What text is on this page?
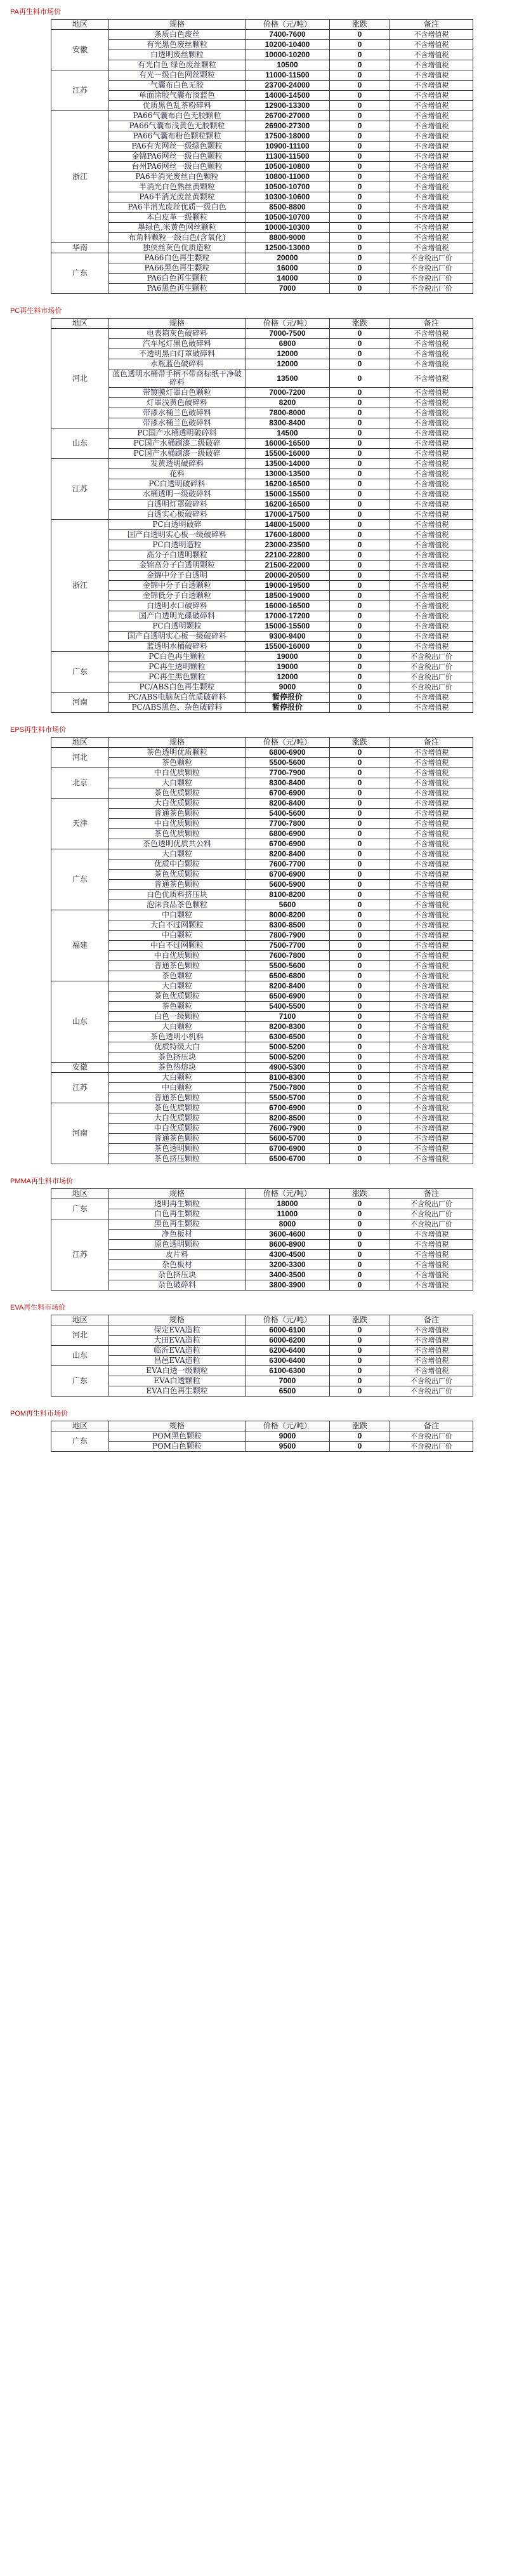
PA再生料市场价
地区	规格	价格（元/吨）	涨跌	备注
安徽	条质白色废丝	7400-7600	0	不含增值税
	有光黑色废丝颗粒	10200-10400	0	不含增值税
	白透明废丝颗粒	10000-10200	0	不含增值税
	有光白色 绿色废丝颗粒	10500	0	不含增值税
江苏	有光一级白色网丝颗粒	11000-11500	0	不含增值税
	气囊布白色无胶	23700-24000	0	不含增值税
	单面涂胶气囊布淡蓝色	14000-14500	0	不含增值税
	优质黑色乱茶粉碎料	12900-13300	0	不含增值税
浙江	PA66气囊布白色无胶颗粒	26700-27000	0	不含增值税
	PA66气囊布浅黄色无胶颗粒	26900-27300	0	不含增值税
	PA66气囊布粉色颗粒颗粒	17500-18000	0	不含增值税
	PA6有光网丝一级绿色颗粒	10900-11100	0	不含增值税
	金锦PA6网丝一级白色颗粒	11300-11500	0	不含增值税
	台州PA6网丝一级白色颗粒	10500-10800	0	不含增值税
	PA6半消光废丝白色颗粒	10800-11000	0	不含增值税
	半消光白色熟丝黄颗粒	10500-10700	0	不含增值税
	PA6半消光废丝黄颗粒	10300-10600	0	不含增值税
	PA6半消光废丝优质一级白色	8500-8800	0	不含增值税
	本白皮革一级颗粒	10500-10700	0	不含增值税
	墨绿色,米黄色网丝颗粒	10000-10300	0	不含增值税
	布角料颗粒一级白色(含氧化)	8800-9000	0	不含增值税
华南	独侠丝灰色优质造粒	12500-13000	0	不含增值税
广东	PA66白色再生颗粒	20000	0	不含税出厂价
	PA66黑色再生颗粒	16000	0	不含税出厂价
	PA6白色再生颗粒	14000	0	不含税出厂价
	PA6黑色再生颗粒	7000	0	不含税出厂价
PC再生料市场价
地区	规格	价格（元/吨）	涨跌	备注
河北	电表箱灰色破碎料	7000-7500	0	不含增值税
	汽车尾灯黑色破碎料	6800	0	不含增值税
	不透明黑白灯罩破碎料	12000	0	不含增值税
	水瓶蓝色破碎料	12000	0	不含增值税
	蓝色透明水桶带手柄不带商标纸干净破碎料	13500	0	不含增值税
	带镀膜灯罩白色颗粒	7000-7200	0	不含增值税
	灯罩浅黄色破碎料	8200	0	不含增值税
	带漆水桶兰色破碎料	7800-8000	0	不含增值税
	带漆水桶兰色破碎料	8300-8400	0	不含增值税
山东	PC国产水桶透明破碎料	14500	0	不含增值税
	PC国产水桶刷漆二级破碎	16000-16500	0	不含增值税
	PC国产水桶刷漆一级破碎	15500-16000	0	不含增值税
江苏	发黄透明破碎料	13500-14000	0	不含增值税
	花料	13000-13500	0	不含增值税
	PC白透明破碎料	16200-16500	0	不含增值税
	水桶透明一级破碎料	15000-15500	0	不含增值税
	白透明灯罩破碎料	16200-16500	0	不含增值税
	白透实心板破碎料	17000-17500	0	不含增值税
浙江	PC白透明破碎	14800-15000	0	不含增值税
	国产白透明实心板一级破碎料	17600-18000	0	不含增值税
	PC白透明造粒	23000-23500	0	不含增值税
	高分子白透明颗粒	22100-22800	0	不含增值税
	金锦高分子白透明颗粒	21500-22000	0	不含增值税
	金锦中分子白透明	20000-20500	0	不含增值税
	金锦中分子白透颗粒	19000-19500	0	不含增值税
	金锦低分子白透颗粒	18500-19000	0	不含增值税
	白透明水口破碎料	16000-16500	0	不含增值税
	国产白透明光碟破碎料	17000-17200	0	不含增值税
	PC白透明颗粒	15000-15500	0	不含增值税
	国产白透明实心板一级破碎料	9300-9400	0	不含增值税
	蓝透明水桶破碎料	15500-16000	0	不含增值税
广东	PC白色再生颗粒	19000	0	不含税出厂价
	PC再生透明颗粒	19000	0	不含税出厂价
	PC再生黑色颗粒	12000	0	不含税出厂价
	PC/ABS白色再生颗粒	9000	0	不含税出厂价
河南	PC/ABS电脑灰白优质破碎料	暂停报价	0	不含增值税
	PC/ABS黑色、杂色破碎料	暂停报价	0	不含增值税
EPS再生料市场价
地区	规格	价格（元/吨）	涨跌	备注
河北	茶色透明优质颗粒	6800-6900	0	不含增值税
	茶色颗粒	5500-5600	0	不含增值税
北京	中白优质颗粒	7700-7900	0	不含增值税
	大白颗粒	8300-8400	0	不含增值税
	茶色优质颗粒	6700-6900	0	不含增值税
天津	大白优质颗粒	8200-8400	0	不含增值税
	普通茶色颗粒	5400-5600	0	不含增值税
	中白优质颗粒	7700-7800	0	不含增值税
	茶色优质颗粒	6800-6900	0	不含增值税
	茶色透明优质共公料	6700-6900	0	不含增值税
广东	大白颗粒	8200-8400	0	不含增值税
	优质中白颗粒	7600-7700	0	不含增值税
	茶色优质颗粒	6700-6900	0	不含增值税
	普通茶色颗粒	5600-5900	0	不含增值税
	白色优质料挤压块	8100-8200	0	不含增值税
	泡沫食品茶色颗粒	5600	0	不含增值税
福建	中白颗粒	8000-8200	0	不含增值税
	大白不过网颗粒	8300-8500	0	不含增值税
	中白颗粒	7800-7900	0	不含增值税
	中白不过网颗粒	7500-7700	0	不含增值税
	中白优质颗粒	7600-7800	0	不含增值税
	普通茶色颗粒	5500-5600	0	不含增值税
	茶色颗粒	6500-6800	0	不含增值税
山东	大白颗粒	8200-8400	0	不含增值税
	茶色优质颗粒	6500-6900	0	不含增值税
	茶色颗粒	5400-5500	0	不含增值税
	白色一级颗粒	7100	0	不含增值税
	大白颗粒	8200-8300	0	不含增值税
	茶色透明小机料	6300-6500	0	不含增值税
	优质特级大白	5000-5200	0	不含增值税
	茶色挤压块	5000-5200	0	不含增值税
安徽	茶色热熔块	4900-5300	0	不含增值税
江苏	大白颗粒	8100-8300	0	不含增值税
	中白颗粒	7500-7800	0	不含增值税
	普通茶色颗粒	5500-5700	0	不含增值税
河南	茶色优质颗粒	6700-6900	0	不含增值税
	大白优质颗粒	8200-8500	0	不含增值税
	中白优质颗粒	7600-7900	0	不含增值税
	普通茶色颗粒	5600-5700	0	不含增值税
	茶色透明颗粒	6700-6900	0	不含增值税
	茶色挤压颗粒	6500-6700	0	不含增值税
PMMA再生料市场价
地区	规格	价格（元/吨）	涨跌	备注
广东	透明再生颗粒	18000	0	不含税出厂价
	白色再生颗粒	11000	0	不含税出厂价
江苏	黑色再生颗粒	8000	0	不含税出厂价
	净色板材	3600-4600	0	不含增值税
	原色透明颗粒	8600-8900	0	不含增值税
	皮片料	4300-4500	0	不含增值税
	杂色板材	3200-3300	0	不含增值税
	杂色挤压块	3400-3500	0	不含增值税
	杂色破碎料	3800-3900	0	不含增值税
EVA再生料市场价
地区	规格	价格（元/吨）	涨跌	备注
河北	保定EVA造粒	6000-6100	0	不含增值税
	大田EVA造粒	6000-6200	0	不含增值税
山东	临沂EVA造粒	6200-6400	0	不含增值税
	昌邑EVA造粒	6300-6400	0	不含增值税
广东	EVA白透一级颗粒	6100-6300	0	不含增值税
	EVA白透颗粒	7000	0	不含税出厂价
	EVA白色再生颗粒	6500	0	不含税出厂价
POM再生料市场价
地区	规格	价格（元/吨）	涨跌	备注
广东	POM黑色颗粒	9000	0	不含税出厂价
	POM白色颗粒	9500	0	不含税出厂价
